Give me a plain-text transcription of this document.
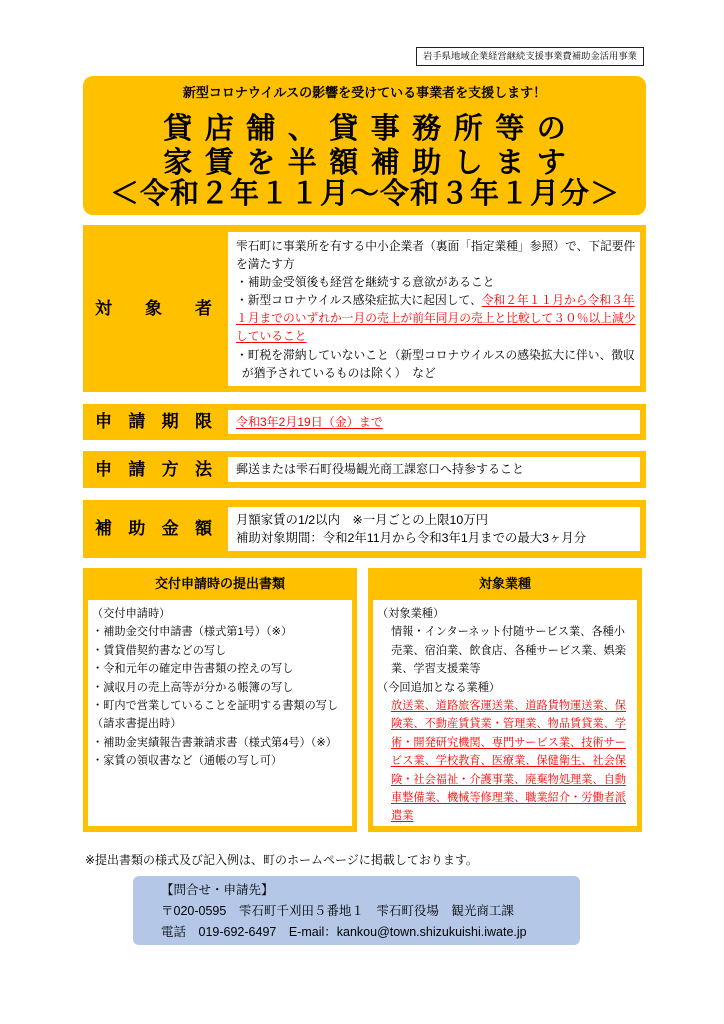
岩手県地域企業経営継続支援事業費補助金活用事業
新型コロナウイルスの影響を受けている事業者を支援します！
貸店舗、貸事務所等の
家賃を半額補助します
＜令和２年１１月～令和３年１月分＞
対象者

雫石町に事業所を有する中小企業者（裏面「指定業種」参照）で、下記要件を満たす方

・補助金受領後も経営を継続する意欲があること

・新型コロナウイルス感染症拡大に起因して、令和２年１１月から令和３年１月までのいずれか一月の売上が前年同月の売上と比較して３０％以上減少していること

・町税を滞納していないこと（新型コロナウイルスの感染拡大に伴い、徴収が猶予されているものは除く）　など

申請期限	令和3年2月19日（金）まで
申請方法	郵送または雫石町役場観光商工課窓口へ持参すること
補助金額 月額家賃の1/2以内　※一月ごとの上限10万円

補助対象期間：令和2年11月から令和3年1月までの最大3ヶ月分

交付申請時の提出書類

（交付申請時）

・補助金交付申請書（様式第1号）（※）

・賃貸借契約書などの写し

・令和元年の確定申告書類の控えの写し

・減収月の売上高等が分かる帳簿の写し

・町内で営業していることを証明する書類の写し

（請求書提出時）

・補助金実績報告書兼請求書（様式第4号）（※）

・家賃の領収書など（通帳の写し可）

対象業種

（対象業種）

情報・インターネット付随サービス業、各種小売業、宿泊業、飲食店、各種サービス業、娯楽業、学習支援業等

（今回追加となる業種）

放送業、道路旅客運送業、道路貨物運送業、保険業、不動産賃貸業・管理業、物品賃貸業、学術・開発研究機関、専門サービス業、技術サービス業、学校教育、医療業、保健衛生、社会保険・社会福祉・介護事業、廃棄物処理業、自動車整備業、機械等修理業、職業紹介・労働者派遣業

※提出書類の様式及び記入例は、町のホームページに掲載しております。
【問合せ・申請先】
〒020-0595　雫石町千刈田５番地１　雫石町役場　観光商工課
電話　019-692-6497　E-mail：kankou@town.shizukuishi.iwate.jp
